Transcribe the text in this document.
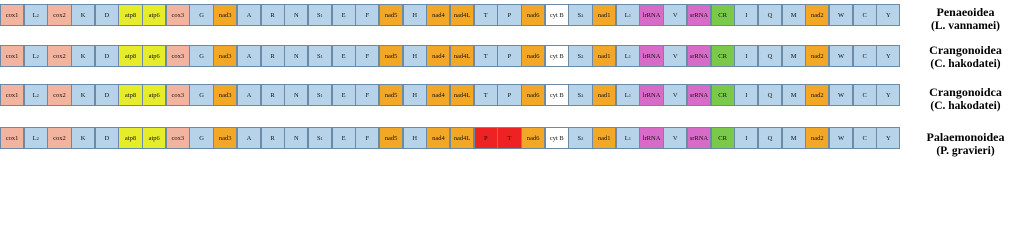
cox1 L 2 cox2 K	D atp8 atp6 cox3 G nad3 A	R	N	S 1	E	F nad5 H nad4 nad4L T	P nad6 cyt B S 2 nad1 L 1 lrRNA V srRNA CR	I	Q	M nad2 W	C	Y	Penaeoidea
(L. vannamei)
cox1 L 2 cox2 K	D atp8 atp6 cox3 G nad3 A	R	N	S 1	E	F nad5 H nad4 nad4L T	P nad6 cyt B S 2 nad1 L 1 lrRNA V srRNA CR	I	Q	M nad2 W	C	Y	Crangonoidea
(C. hakodatei)
cox1 L 2 cox2 K	D atp8 atp6 cox3 G nad3 A	R	N	S 1	E	F nad5 H nad4 nad4L T	P nad6 cyt B S 2 nad1 L 1 lrRNA V srRNA CR	I	Q	M nad2 W	C	Y	Crangonoidca
(C. hakodatei)
cox1 L 2 cox2 K	D atp8 atp6 cox3 G nad3 A	R	N	S 1	E	F nad5 H nad4 nad4L P	T nad6 cyt B S 2 nad1 L 1 lrRNA V srRNA CR	I	Q	M nad2 W	C	Y	Palaemonoidea
(P. gravieri)
